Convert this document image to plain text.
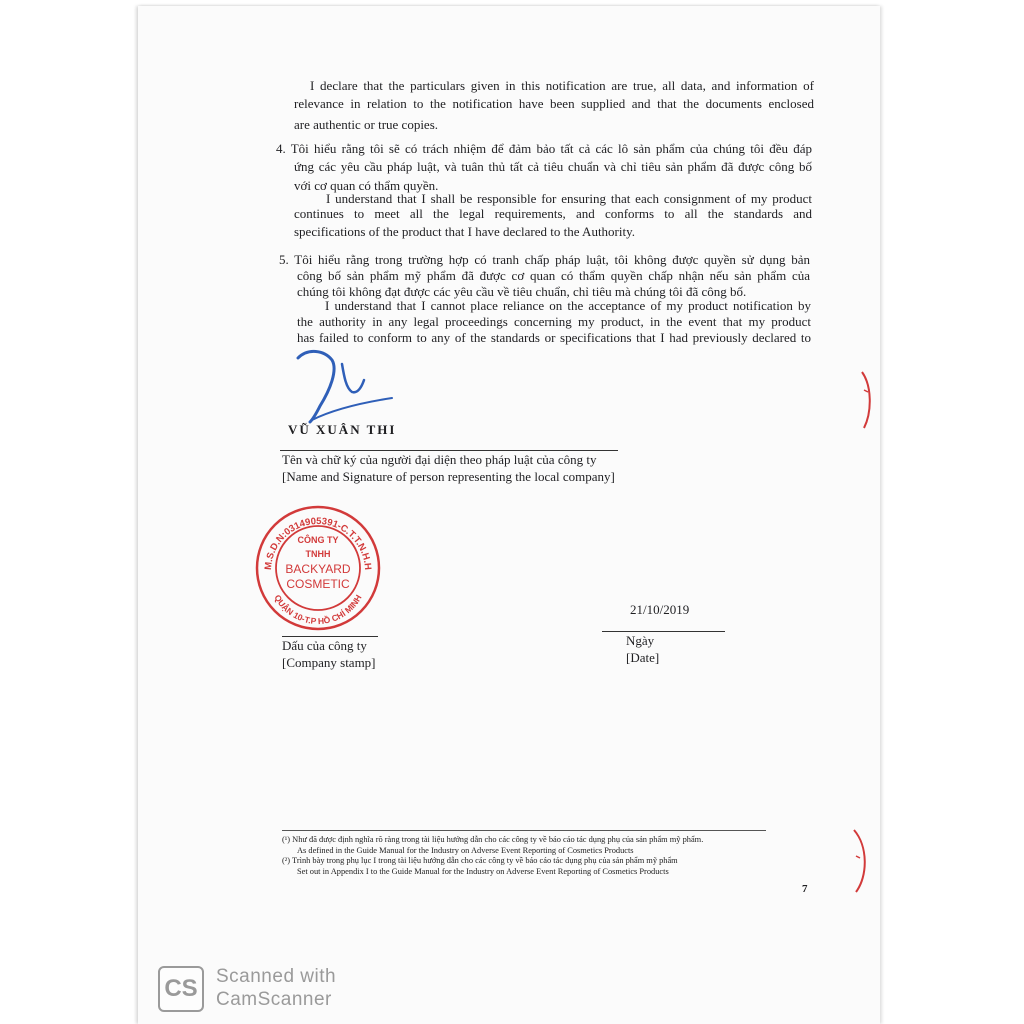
I declare that the particulars given in this notification are true, all data, and information of
relevance in relation to the notification have been supplied and that the documents enclosed
are authentic or true copies.
4. Tôi hiểu rằng tôi sẽ có trách nhiệm để đảm bảo tất cả các lô sản phẩm của chúng tôi đều đáp
ứng các yêu cầu pháp luật, và tuân thủ tất cả tiêu chuẩn và chỉ tiêu sản phẩm đã được công bố
với cơ quan có thẩm quyền.
I understand that I shall be responsible for ensuring that each consignment of my product
continues to meet all the legal requirements, and conforms to all the standards and
specifications of the product that I have declared to the Authority.
5. Tôi hiểu rằng trong trường hợp có tranh chấp pháp luật, tôi không được quyền sử dụng bản
công bố sản phẩm mỹ phẩm đã được cơ quan có thẩm quyền chấp nhận nếu sản phẩm của
chúng tôi không đạt được các yêu cầu về tiêu chuẩn, chỉ tiêu mà chúng tôi đã công bố.
I understand that I cannot place reliance on the acceptance of my product notification by
the authority in any legal proceedings concerning my product, in the event that my product
has failed to conform to any of the standards or specifications that I had previously declared to
VŨ XUÂN THI
Tên và chữ ký của người đại diện theo pháp luật của công ty
[Name and Signature of person representing the local company]
M.S.D.N:0314905391-C.T.T.N.H.H
QUẬN 10-T.P HỒ CHÍ MINH
CÔNG TY
TNHH
BACKYARD
COSMETIC
Dấu của công ty
[Company stamp]
21/10/2019
Ngày
[Date]
(¹) Như đã được định nghĩa rõ ràng trong tài liệu hướng dẫn cho các công ty về báo cáo tác dụng phụ của sản phẩm mỹ phẩm.
As defined in the Guide Manual for the Industry on Adverse Event Reporting of Cosmetics Products
(²) Trình bày trong phụ lục I trong tài liệu hướng dẫn cho các công ty về báo cáo tác dụng phụ của sản phẩm mỹ phẩm
Set out in Appendix I to the Guide Manual for the Industry on Adverse Event Reporting of Cosmetics Products
7
CS Scanned with
CamScanner
